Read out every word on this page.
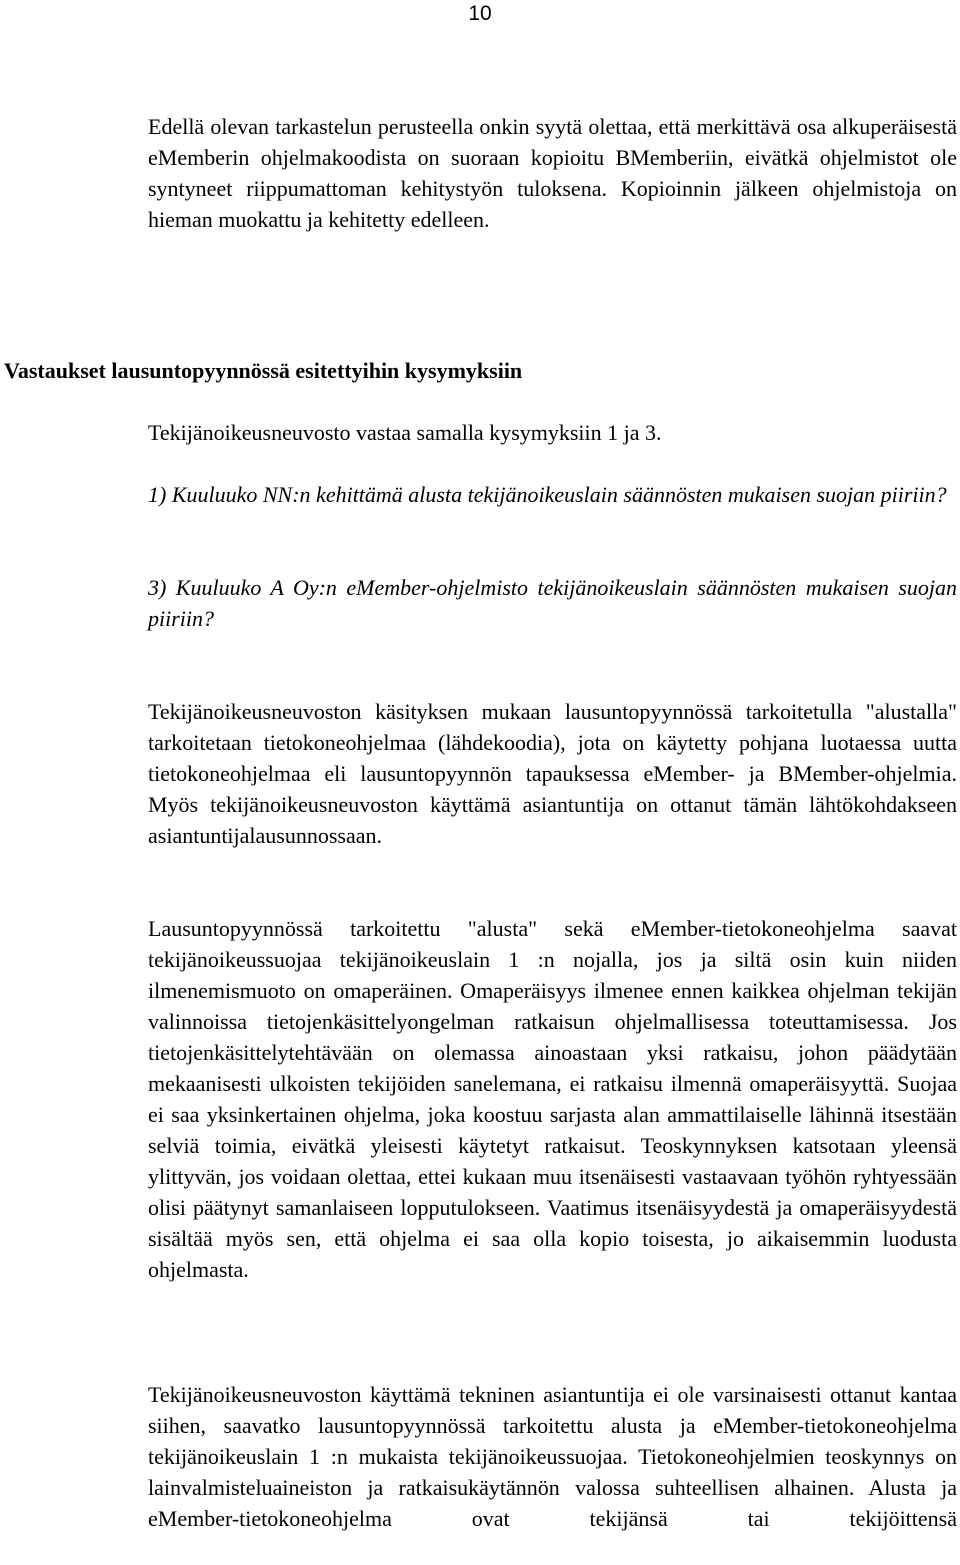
10

Edellä olevan tarkastelun perusteella onkin syytä olettaa, että merkittävä osa alkuperäisestä eMemberin ohjelmakoodista on suoraan kopioitu BMemberiin, eivätkä ohjelmistot ole syntyneet riippumattoman kehitystyön tuloksena. Kopioinnin jälkeen ohjelmistoja on hieman muokattu ja kehitetty edelleen.

Vastaukset lausuntopyynnössä esitettyihin kysymyksiin

Tekijänoikeusneuvosto vastaa samalla kysymyksiin 1 ja 3.

1) Kuuluuko NN:n kehittämä alusta tekijänoikeuslain säännösten mukaisen suojan piiriin?

3) Kuuluuko A Oy:n eMember-ohjelmisto tekijänoikeuslain säännösten mukaisen suojan piiriin?

Tekijänoikeusneuvoston käsityksen mukaan lausuntopyynnössä tarkoitetulla "alustalla" tarkoitetaan tietokoneohjelmaa (lähdekoodia), jota on käytetty pohjana luotaessa uutta tietokoneohjelmaa eli lausuntopyynnön tapauksessa eMember- ja BMember-ohjelmia. Myös tekijänoikeusneuvoston käyttämä asiantuntija on ottanut tämän lähtökohdakseen asiantuntijalausunnossaan.

Lausuntopyynnössä tarkoitettu "alusta" sekä eMember-tietokoneohjelma saavat tekijänoikeussuojaa tekijänoikeuslain 1 :n nojalla, jos ja siltä osin kuin niiden ilmenemismuoto on omaperäinen. Omaperäisyys ilmenee ennen kaikkea ohjelman tekijän valinnoissa tietojenkäsittelyongelman ratkaisun ohjelmallisessa toteuttamisessa. Jos tietojenkäsittelytehtävään on olemassa ainoastaan yksi ratkaisu, johon päädytään mekaanisesti ulkoisten tekijöiden sanelemana, ei ratkaisu ilmennä omaperäisyyttä. Suojaa ei saa yksinkertainen ohjelma, joka koostuu sarjasta alan ammattilaiselle lähinnä itsestään selviä toimia, eivätkä yleisesti käytetyt ratkaisut. Teoskynnyksen katsotaan yleensä ylittyvän, jos voidaan olettaa, ettei kukaan muu itsenäisesti vastaavaan työhön ryhtyessään olisi päätynyt samanlaiseen lopputulokseen. Vaatimus itsenäisyydestä ja omaperäisyydestä sisältää myös sen, että ohjelma ei saa olla kopio toisesta, jo aikaisemmin luodusta ohjelmasta.

Tekijänoikeusneuvoston käyttämä tekninen asiantuntija ei ole varsinaisesti ottanut kantaa siihen, saavatko lausuntopyynnössä tarkoitettu alusta ja eMember-tietokoneohjelma tekijänoikeuslain 1 :n mukaista tekijänoikeussuojaa. Tietokoneohjelmien teoskynnys on lainvalmisteluaineiston ja ratkaisukäytännön valossa suhteellisen alhainen. Alusta ja eMember-tietokoneohjelma ovat tekijänsä tai tekijöittensä
